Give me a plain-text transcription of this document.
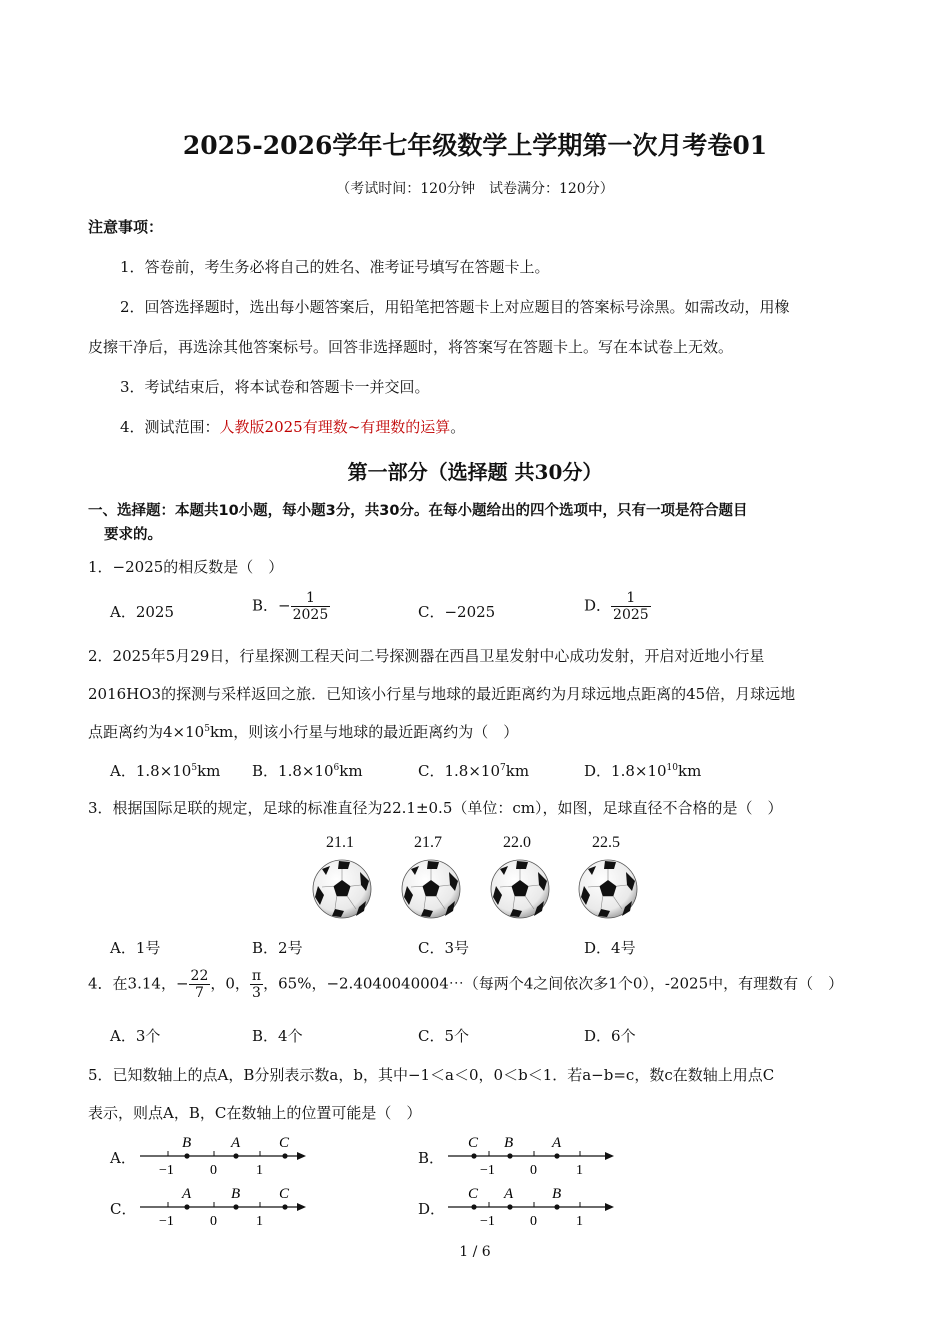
2025-2026学年七年级数学上学期第一次月考卷01
（考试时间：120分钟　试卷满分：120分）
注意事项：
1．答卷前，考生务必将自己的姓名、准考证号填写在答题卡上。
2．回答选择题时，选出每小题答案后，用铅笔把答题卡上对应题目的答案标号涂黑。如需改动，用橡
皮擦干净后，再选涂其他答案标号。回答非选择题时，将答案写在答题卡上。写在本试卷上无效。
3．考试结束后，将本试卷和答题卡一并交回。
4．测试范围：人教版2025有理数~有理数的运算。
第一部分（选择题 共30分）
一、选择题：本题共10小题，每小题3分，共30分。在每小题给出的四个选项中，只有一项是符合题目
要求的。
1．−2025的相反数是（　）
A．2025	B．− $\frac{1}{2025}$	C．−2025	D． $\frac{1}{2025}$
2．2025年5月29日，行星探测工程天问二号探测器在西昌卫星发射中心成功发射，开启对近地小行星
2016HO3的探测与采样返回之旅．已知该小行星与地球的最近距离约为月球远地点距离的45倍，月球远地
点距离约为$4\times 10^5km$，则该小行星与地球的最近距离约为（　）
A．$1.8\times 10^5km$ B．$1.8\times 10^6km$	C．$1.8\times 10^7km$	D．$1.8\times 10^{10}km$
3．根据国际足联的规定，足球的标准直径为22.1±0.5（单位：cm），如图，足球直径不合格的是（　）
21.1	21.7	22.0	22.5
A．1号	B．2号	C．3号	D．4号
4．在3.14，− $\frac{22}{7}$ ，0， $\frac{\pi}{3}$ ，65%，−2.4040040004⋯（每两个4之间依次多1个0），-2025中，有理数有（　）
A．3个	B．4个	C．5个	D．6个
5．已知数轴上的点A，B分别表示数a，b，其中−1＜a＜0，0＜b＜1．若a−b=c，数c在数轴上用点C
表示，则点A，B，C在数轴上的位置可能是（　）
A．	B．
C．	D．
B	A	C
−1	0	1
C B	A
−1	0	1
A	B	C
−1	0	1
C A	B
−1	0	1
1 / 6
